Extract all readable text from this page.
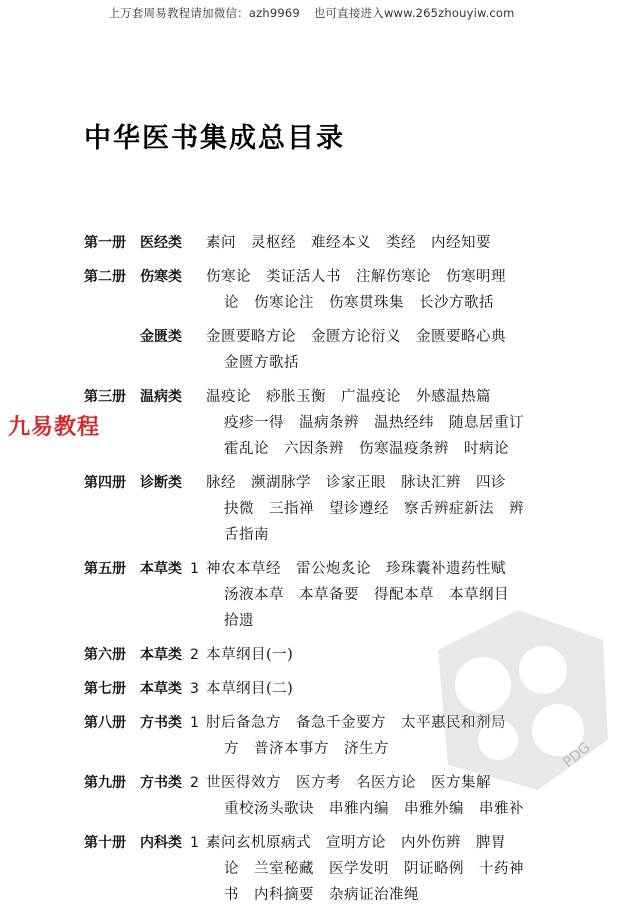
上万套周易教程请加微信：azh9969 也可直接进入www.265zhouyiw.com
中华医书集成总目录
第一册	医经类	素问　灵枢经　难经本义　类经　内经知要
第二册	伤寒类	伤寒论　类证活人书　注解伤寒论　伤寒明理
论　伤寒论注　伤寒贯珠集　长沙方歌括
金匮类	金匮要略方论　金匮方论衍义　金匮要略心典
金匮方歌括
第三册	温病类	温疫论　痧胀玉衡　广温疫论　外感温热篇
疫疹一得　温病条辨　温热经纬　随息居重订
霍乱论　六因条辨　伤寒温疫条辨　时病论
第四册	诊断类	脉经　濒湖脉学　诊家正眼　脉诀汇辨　四诊
抉微　三指禅　望诊遵经　察舌辨症新法　辨
舌指南
第五册	本草类 1 神农本草经　雷公炮炙论　珍珠囊补遗药性赋
汤液本草　本草备要　得配本草　本草纲目
拾遗
第六册	本草类 2 本草纲目(一)
第七册	本草类 3 本草纲目(二)
第八册	方书类 1 肘后备急方　备急千金要方　太平惠民和剂局
方　普济本事方　济生方
第九册	方书类 2 世医得效方　医方考　名医方论　医方集解
重校汤头歌诀　串雅内编　串雅外编　串雅补
第十册	内科类 1 素问玄机原病式　宣明方论　内外伤辨　脾胃
论　兰室秘藏　医学发明　阴证略例　十药神
书　内科摘要　杂病证治准绳
九易教程
PDG
